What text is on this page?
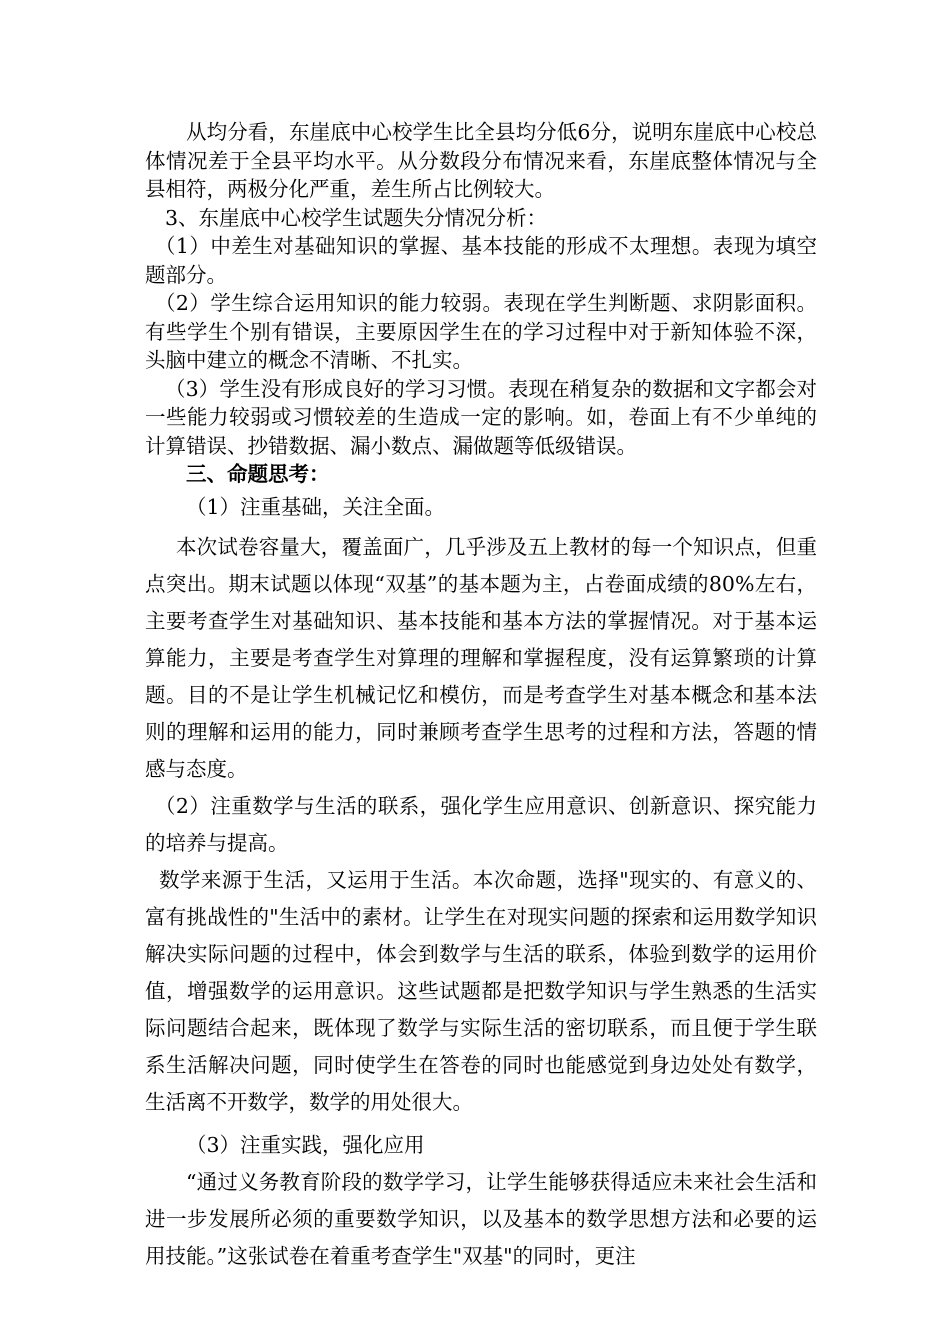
从均分看，东崖底中心校学生比全县均分低6分，说明东崖底中心校总体情况差于全县平均水平。从分数段分布情况来看，东崖底整体情况与全县相符，两极分化严重，差生所占比例较大。

3、东崖底中心校学生试题失分情况分析：

（1）中差生对基础知识的掌握、基本技能的形成不太理想。表现为填空题部分。

（2）学生综合运用知识的能力较弱。表现在学生判断题、求阴影面积。有些学生个别有错误，主要原因学生在的学习过程中对于新知体验不深，头脑中建立的概念不清晰、不扎实。

（3）学生没有形成良好的学习习惯。表现在稍复杂的数据和文字都会对一些能力较弱或习惯较差的生造成一定的影响。如，卷面上有不少单纯的计算错误、抄错数据、漏小数点、漏做题等低级错误。

三、命题思考：

（1）注重基础，关注全面。

本次试卷容量大，覆盖面广，几乎涉及五上教材的每一个知识点，但重点突出。期末试题以体现“双基”的基本题为主，占卷面成绩的80%左右，主要考查学生对基础知识、基本技能和基本方法的掌握情况。对于基本运算能力，主要是考查学生对算理的理解和掌握程度，没有运算繁琐的计算题。目的不是让学生机械记忆和模仿，而是考查学生对基本概念和基本法则的理解和运用的能力，同时兼顾考查学生思考的过程和方法，答题的情感与态度。

（2）注重数学与生活的联系，强化学生应用意识、创新意识、探究能力的培养与提高。

数学来源于生活，又运用于生活。本次命题，选择"现实的、有意义的、富有挑战性的"生活中的素材。让学生在对现实问题的探索和运用数学知识解决实际问题的过程中，体会到数学与生活的联系，体验到数学的运用价值，增强数学的运用意识。这些试题都是把数学知识与学生熟悉的生活实际问题结合起来，既体现了数学与实际生活的密切联系，而且便于学生联系生活解决问题，同时使学生在答卷的同时也能感觉到身边处处有数学，生活离不开数学，数学的用处很大。

（3）注重实践，强化应用

“通过义务教育阶段的数学学习，让学生能够获得适应未来社会生活和进一步发展所必须的重要数学知识，以及基本的数学思想方法和必要的运用技能。”这张试卷在着重考查学生"双基"的同时，更注
